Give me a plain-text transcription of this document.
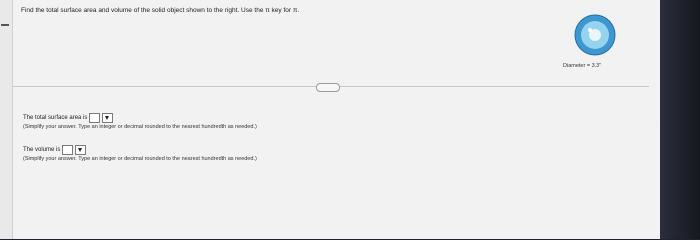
Find the total surface area and volume of the solid object shown to the right. Use the π key for π.
Diameter = 3.3"
The total surface area is
(Simplify your answer. Type an integer or decimal rounded to the nearest hundredth as needed.)
The volume is
(Simplify your answer. Type an integer or decimal rounded to the nearest hundredth as needed.)
